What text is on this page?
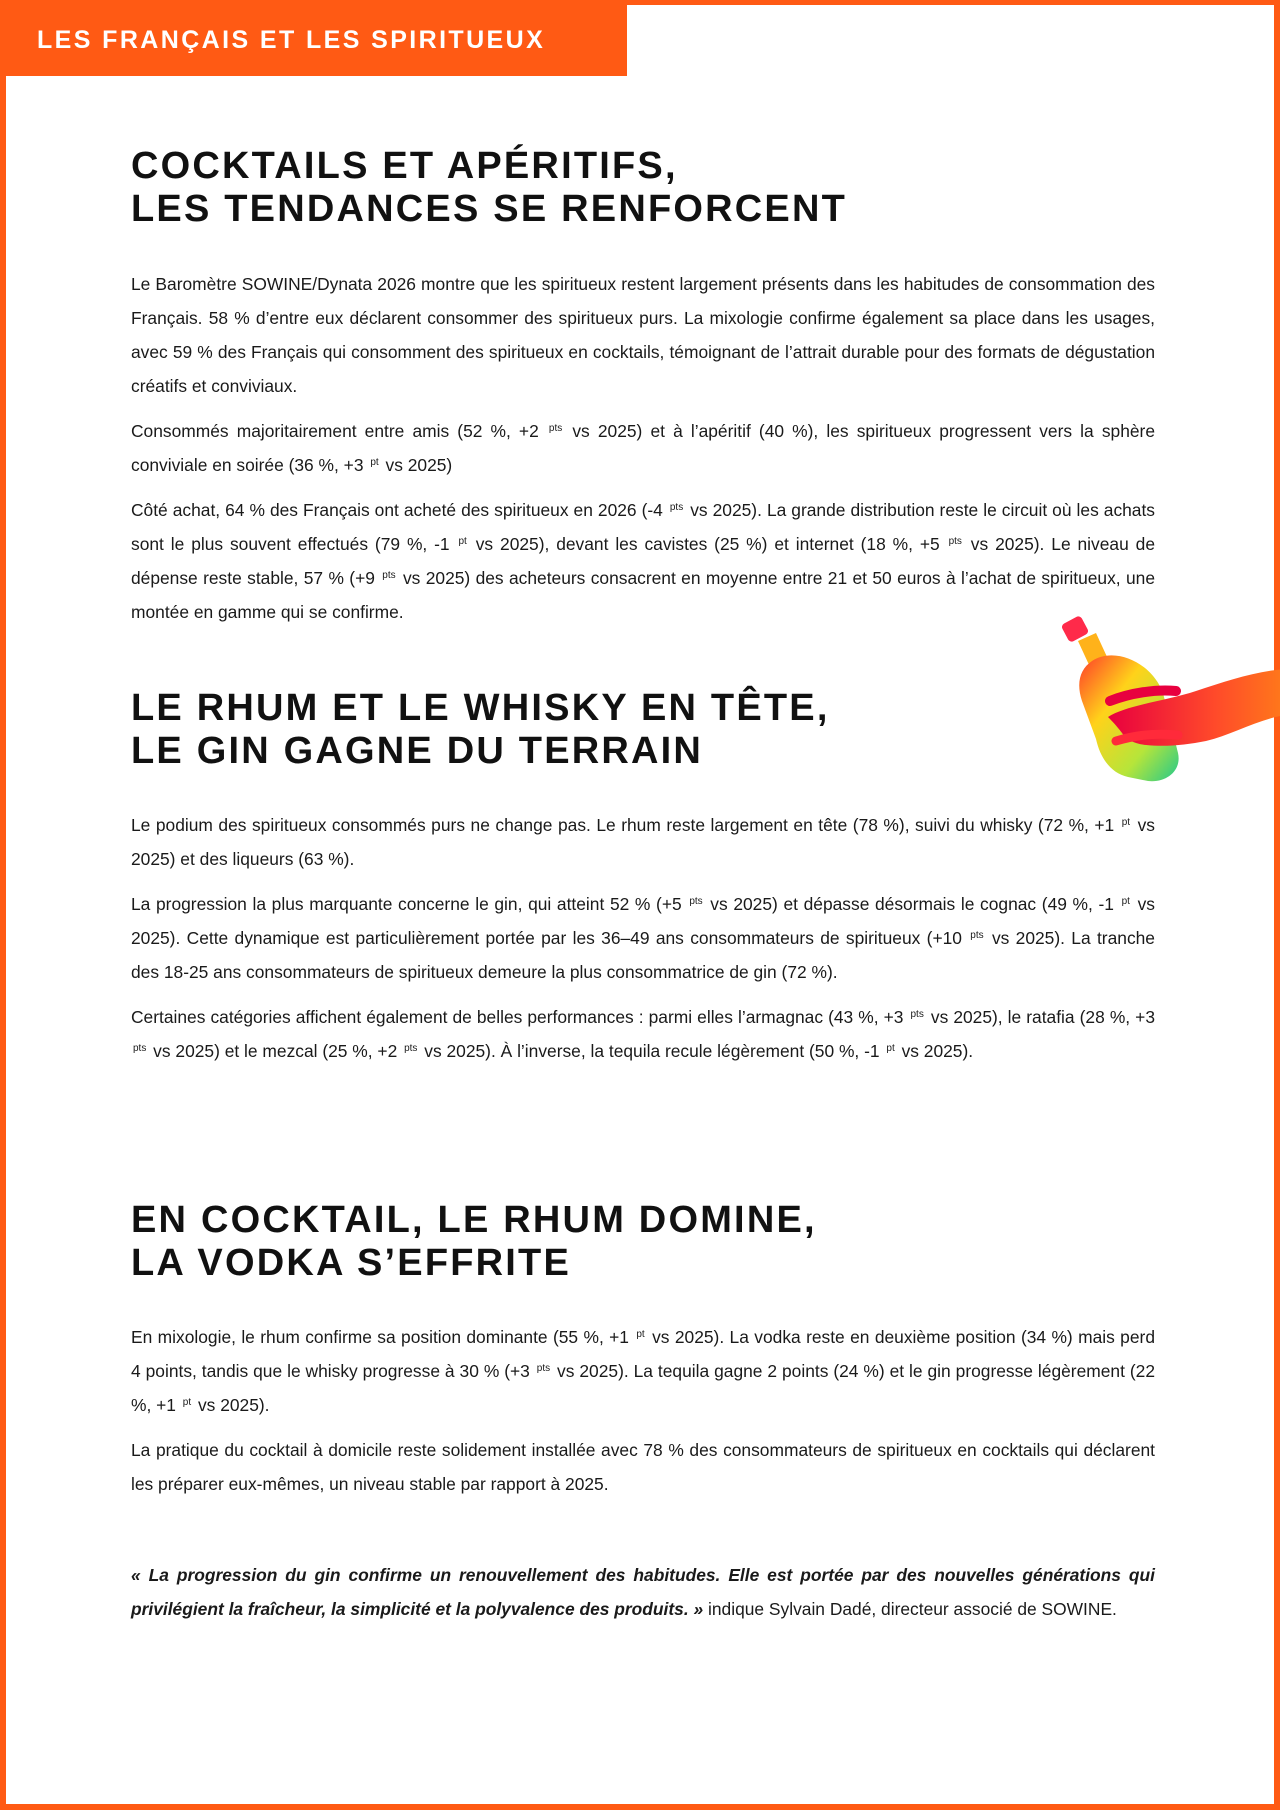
LES FRANÇAIS ET LES SPIRITUEUX
COCKTAILS ET APÉRITIFS,
LES TENDANCES SE RENFORCENT

Le Baromètre SOWINE/Dynata 2026 montre que les spiritueux restent largement présents dans les habitudes de consommation des Français. 58 % d’entre eux déclarent consommer des spiritueux purs. La mixologie confirme également sa place dans les usages, avec 59 % des Français qui consomment des spiritueux en cocktails, témoignant de l’attrait durable pour des formats de dégustation créatifs et conviviaux.

Consommés majoritairement entre amis (52 %, +2 $^{pts}$ vs 2025) et à l’apéritif (40 %), les spiritueux progressent vers la sphère conviviale en soirée (36 %, +3 $^{pt}$ vs 2025)

Côté achat, 64 % des Français ont acheté des spiritueux en 2026 (-4 $^{pts}$ vs 2025). La grande distribution reste le circuit où les achats sont le plus souvent effectués (79 %, -1 $^{pt}$ vs 2025), devant les cavistes (25 %) et internet (18 %, +5 $^{pts}$ vs 2025). Le niveau de dépense reste stable, 57 % (+9 $^{pts}$ vs 2025) des acheteurs consacrent en moyenne entre 21 et 50 euros à l’achat de spiritueux, une montée en gamme qui se confirme.

LE RHUM ET LE WHISKY EN TÊTE,
LE GIN GAGNE DU TERRAIN

Le podium des spiritueux consommés purs ne change pas. Le rhum reste largement en tête (78 %), suivi du whisky (72 %, +1 $^{pt}$ vs 2025) et des liqueurs (63 %).

La progression la plus marquante concerne le gin, qui atteint 52 % (+5 $^{pts}$ vs 2025) et dépasse désormais le cognac (49 %, -1 $^{pt}$ vs 2025). Cette dynamique est particulièrement portée par les 36–49 ans consommateurs de spiritueux (+10 $^{pts}$ vs 2025). La tranche des 18-25 ans consommateurs de spiritueux demeure la plus consommatrice de gin (72 %).

Certaines catégories affichent également de belles performances : parmi elles l’armagnac (43 %, +3 $^{pts}$ vs 2025), le ratafia (28 %, +3 $^{pts}$ vs 2025) et le mezcal (25 %, +2 $^{pts}$ vs 2025). À l’inverse, la tequila recule légèrement (50 %, -1 $^{pt}$ vs 2025).

EN COCKTAIL, LE RHUM DOMINE,
LA VODKA S’EFFRITE

En mixologie, le rhum confirme sa position dominante (55 %, +1 $^{pt}$ vs 2025). La vodka reste en deuxième position (34 %) mais perd 4 points, tandis que le whisky progresse à 30 % (+3 $^{pts}$ vs 2025). La tequila gagne 2 points (24 %) et le gin progresse légèrement (22 %, +1 $^{pt}$ vs 2025).

La pratique du cocktail à domicile reste solidement installée avec 78 % des consommateurs de spiritueux en cocktails qui déclarent les préparer eux-mêmes, un niveau stable par rapport à 2025.

« La progression du gin confirme un renouvellement des habitudes. Elle est portée par des nouvelles générations qui privilégient la fraîcheur, la simplicité et la polyvalence des produits. » indique Sylvain Dadé, directeur associé de SOWINE.
